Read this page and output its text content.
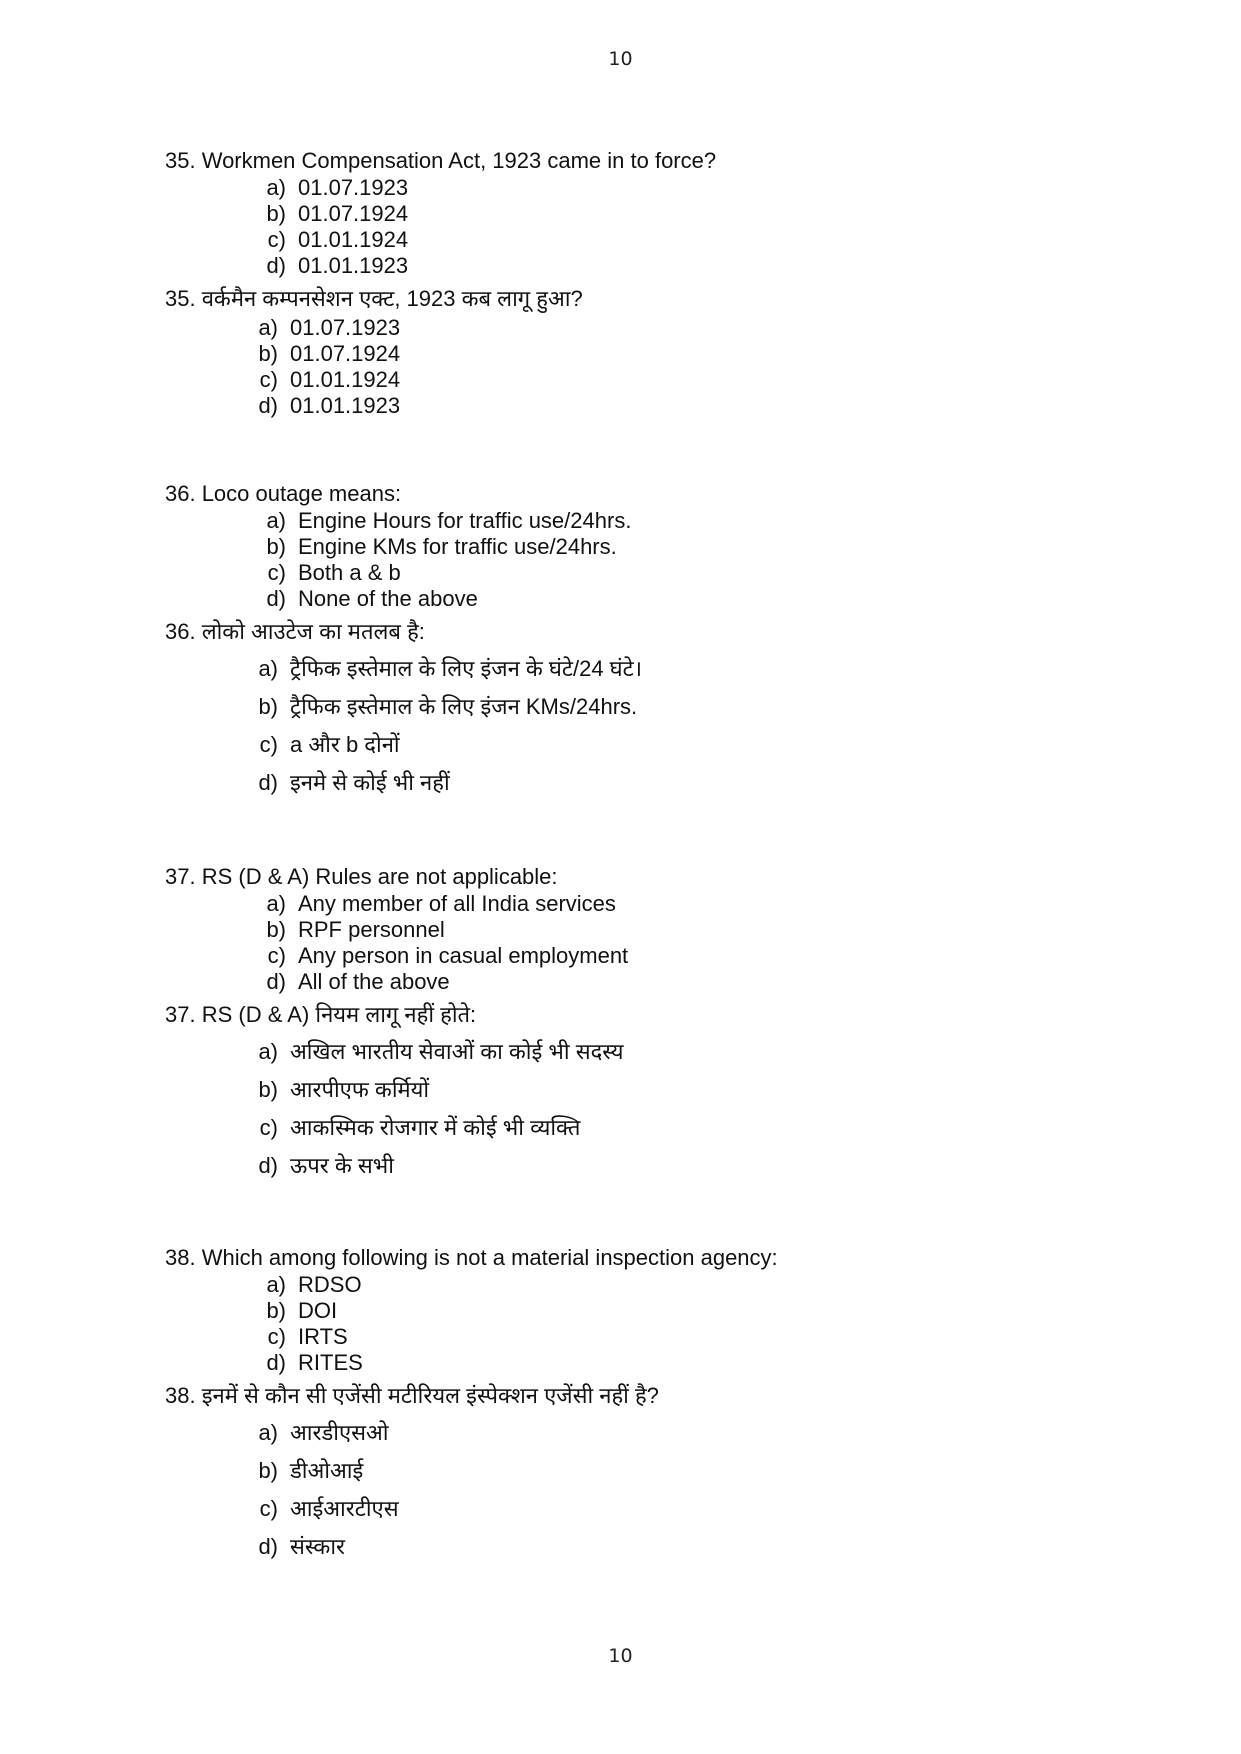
10
35. Workmen Compensation Act, 1923 came in to force?
a) 01.07.1923
b) 01.07.1924
c) 01.01.1924
d) 01.01.1923
35. वर्कमैन कम्पनसेशन एक्ट, 1923 कब लागू हुआ?
a) 01.07.1923
b) 01.07.1924
c) 01.01.1924
d) 01.01.1923
36. Loco outage means:
a) Engine Hours for traffic use/24hrs.
b) Engine KMs for traffic use/24hrs.
c) Both a & b
d) None of the above
36. लोको आउटेज का मतलब है:
a) ट्रैफिक इस्तेमाल के लिए इंजन के घंटे/24 घंटे।
b) ट्रैफिक इस्तेमाल के लिए इंजन KMs/24hrs.
c) a और b दोनों
d) इनमे से कोई भी नहीं
37. RS (D & A) Rules are not applicable:
a) Any member of all India services
b) RPF personnel
c) Any person in casual employment
d) All of the above
37. RS (D & A) नियम लागू नहीं होते:
a) अखिल भारतीय सेवाओं का कोई भी सदस्य
b) आरपीएफ कर्मियों
c) आकस्मिक रोजगार में कोई भी व्यक्ति
d) ऊपर के सभी
38. Which among following is not a material inspection agency:
a) RDSO
b) DOI
c) IRTS
d) RITES
38. इनमें से कौन सी एजेंसी मटीरियल इंस्पेक्शन एजेंसी नहीं है?
a) आरडीएसओ
b) डीओआई
c) आईआरटीएस
d) संस्कार
10
